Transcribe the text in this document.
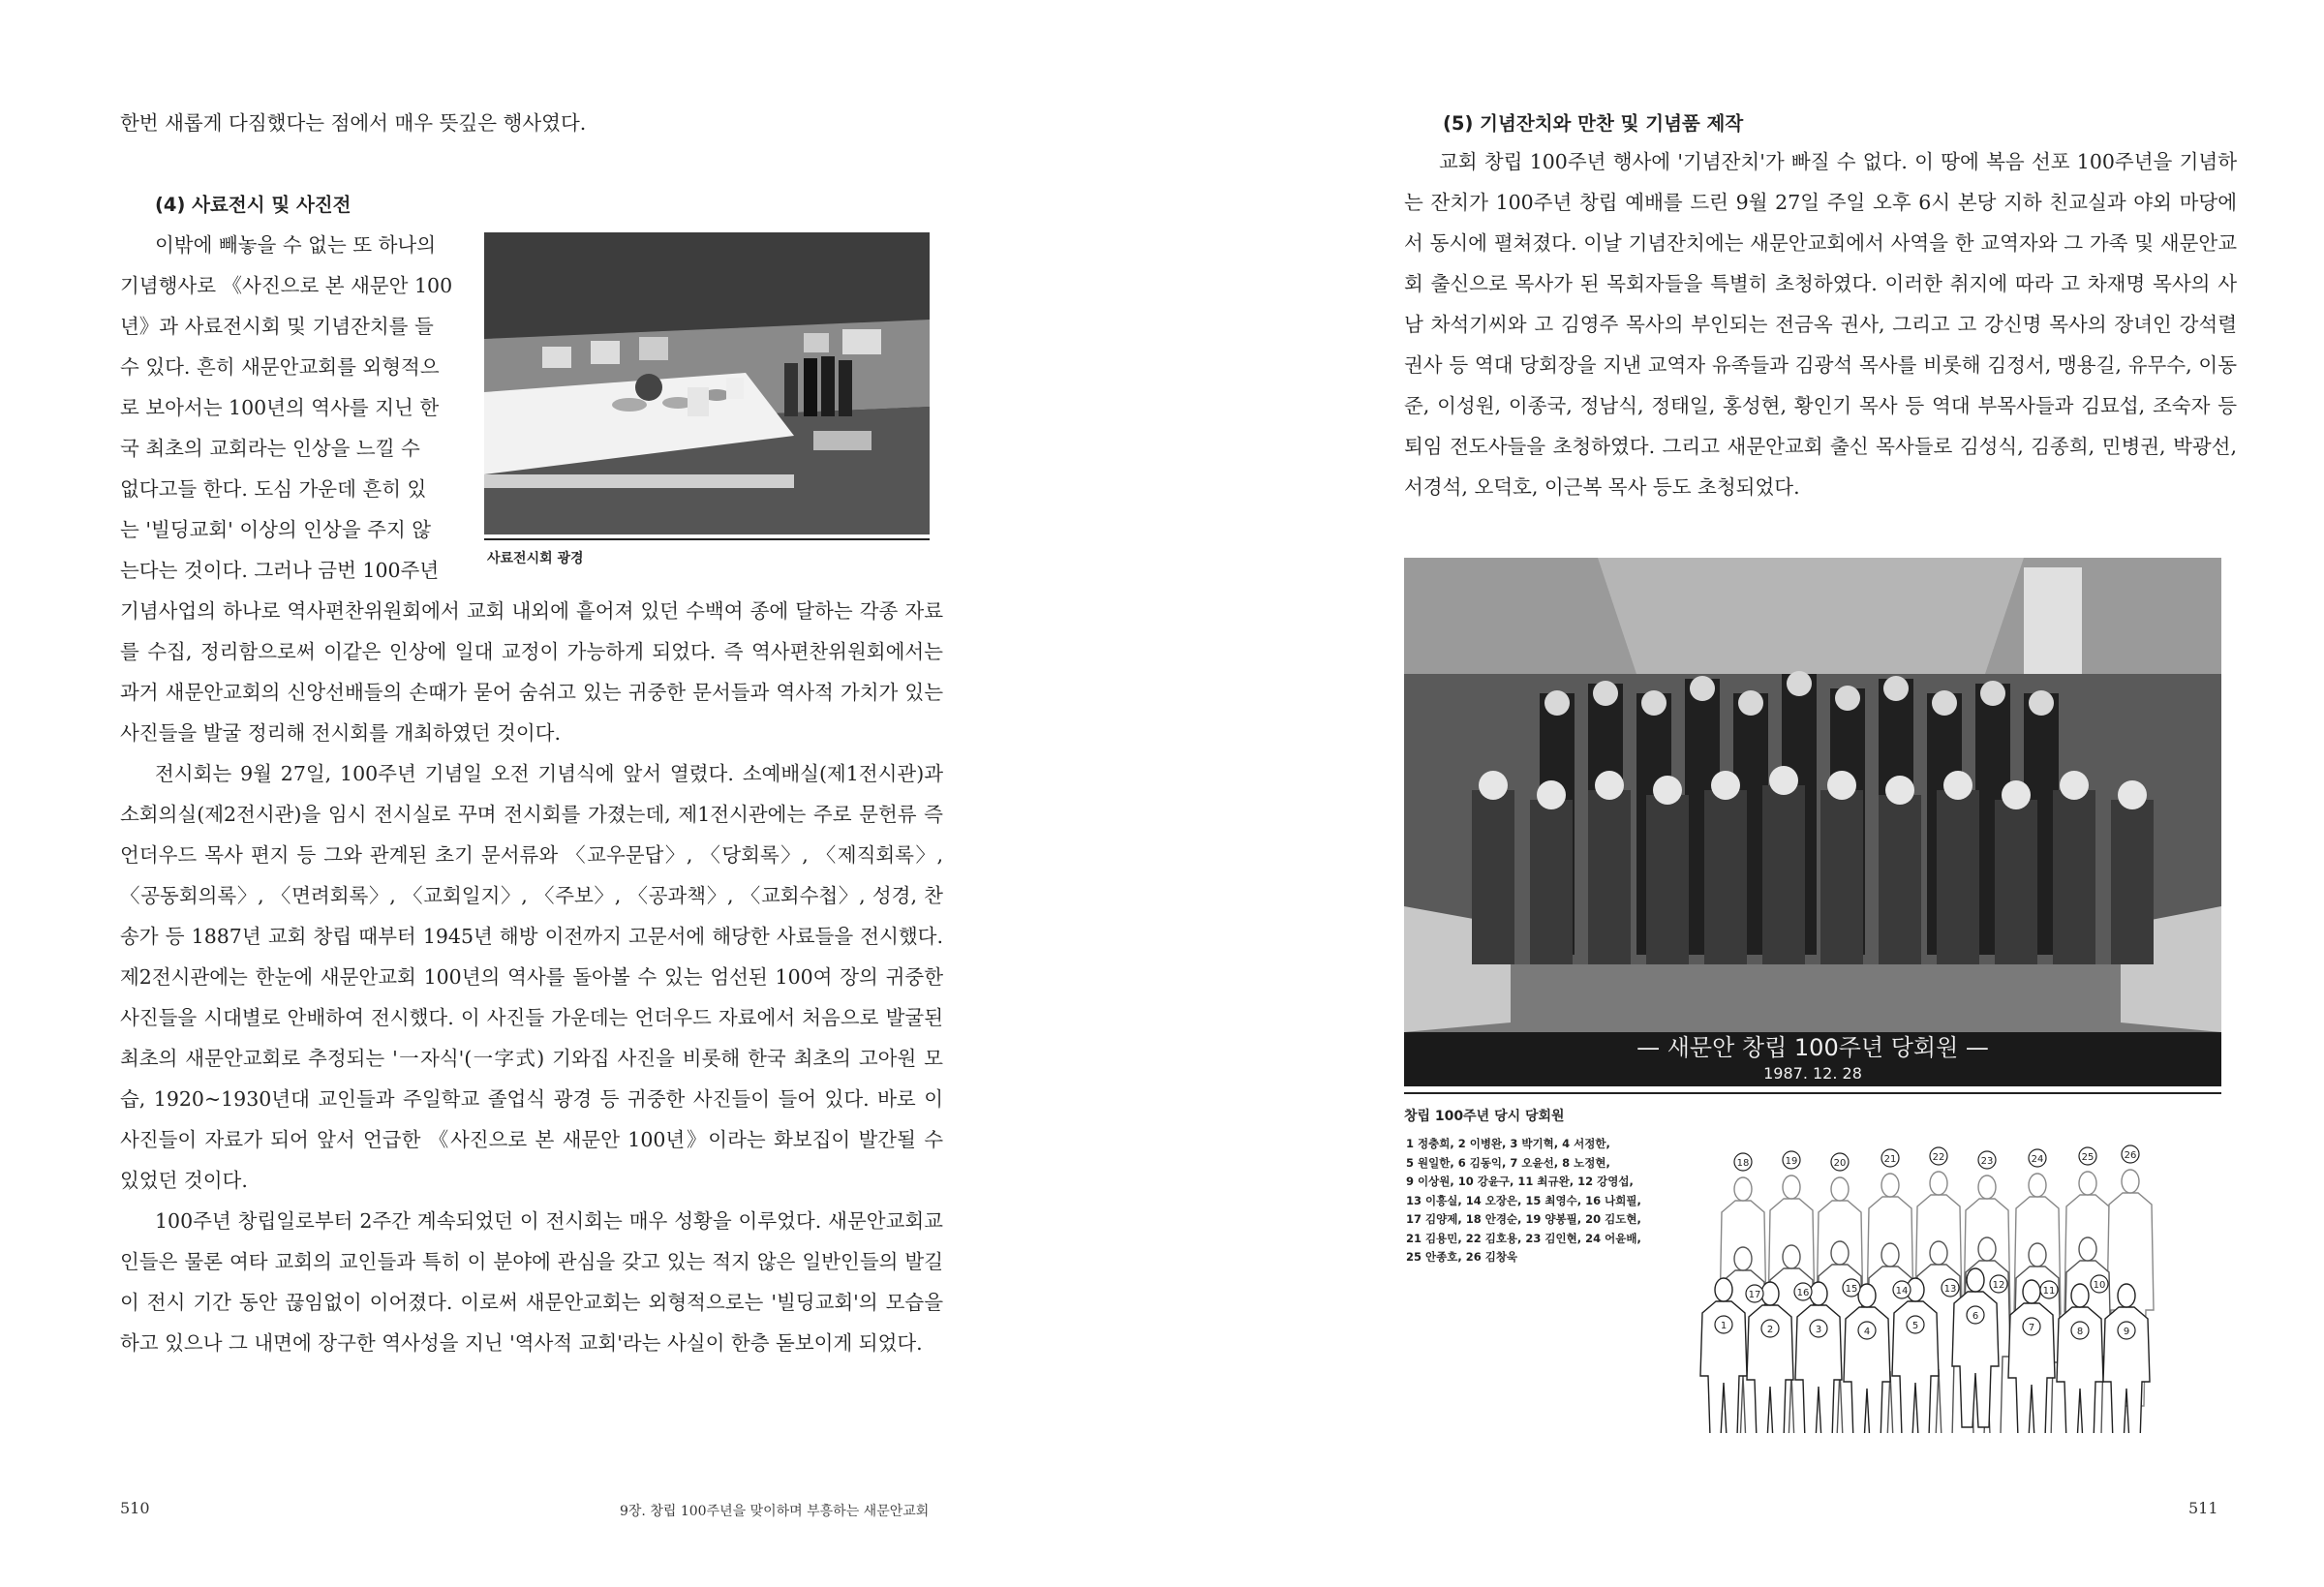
한번 새롭게 다짐했다는 점에서 매우 뜻깊은 행사였다.

(4) 사료전시 및 사진전
이밖에 빼놓을 수 없는 또 하나의
기념행사로 《사진으로 본 새문안 100
년》과 사료전시회 및 기념잔치를 들
수 있다. 흔히 새문안교회를 외형적으
로 보아서는 100년의 역사를 지닌 한
국 최초의 교회라는 인상을 느낄 수
없다고들 한다. 도심 가운데 흔히 있
는 '빌딩교회' 이상의 인상을 주지 않
는다는 것이다. 그러나 금번 100주년	사료전시회 광경

기념사업의 하나로 역사편찬위원회에서 교회 내외에 흩어져 있던 수백여 종에 달하는 각종 자료를 수집, 정리함으로써 이같은 인상에 일대 교정이 가능하게 되었다. 즉 역사편찬위원회에서는 과거 새문안교회의 신앙선배들의 손때가 묻어 숨쉬고 있는 귀중한 문서들과 역사적 가치가 있는 사진들을 발굴 정리해 전시회를 개최하였던 것이다.

전시회는 9월 27일, 100주년 기념일 오전 기념식에 앞서 열렸다. 소예배실(제1전시관)과 소회의실(제2전시관)을 임시 전시실로 꾸며 전시회를 가졌는데, 제1전시관에는 주로 문헌류 즉 언더우드 목사 편지 등 그와 관계된 초기 문서류와 〈교우문답〉, 〈당회록〉, 〈제직회록〉, 〈공동회의록〉, 〈면려회록〉, 〈교회일지〉, 〈주보〉, 〈공과책〉, 〈교회수첩〉, 성경, 찬송가 등 1887년 교회 창립 때부터 1945년 해방 이전까지 고문서에 해당한 사료들을 전시했다. 제2전시관에는 한눈에 새문안교회 100년의 역사를 돌아볼 수 있는 엄선된 100여 장의 귀중한 사진들을 시대별로 안배하여 전시했다. 이 사진들 가운데는 언더우드 자료에서 처음으로 발굴된 최초의 새문안교회로 추정되는 '一자식'(一字式) 기와집 사진을 비롯해 한국 최초의 고아원 모습, 1920~1930년대 교인들과 주일학교 졸업식 광경 등 귀중한 사진들이 들어 있다. 바로 이 사진들이 자료가 되어 앞서 언급한 《사진으로 본 새문안 100년》이라는 화보집이 발간될 수 있었던 것이다.

100주년 창립일로부터 2주간 계속되었던 이 전시회는 매우 성황을 이루었다. 새문안교회교인들은 물론 여타 교회의 교인들과 특히 이 분야에 관심을 갖고 있는 적지 않은 일반인들의 발길이 전시 기간 동안 끊임없이 이어졌다. 이로써 새문안교회는 외형적으로는 '빌딩교회'의 모습을 하고 있으나 그 내면에 장구한 역사성을 지닌 '역사적 교회'라는 사실이 한층 돋보이게 되었다.

510	9장. 창립 100주년을 맞이하며 부흥하는 새문안교회
(5) 기념잔치와 만찬 및 기념품 제작

교회 창립 100주년 행사에 '기념잔치'가 빠질 수 없다. 이 땅에 복음 선포 100주년을 기념하는 잔치가 100주년 창립 예배를 드린 9월 27일 주일 오후 6시 본당 지하 친교실과 야외 마당에서 동시에 펼쳐졌다. 이날 기념잔치에는 새문안교회에서 사역을 한 교역자와 그 가족 및 새문안교회 출신으로 목사가 된 목회자들을 특별히 초청하였다. 이러한 취지에 따라 고 차재명 목사의 사남 차석기씨와 고 김영주 목사의 부인되는 전금옥 권사, 그리고 고 강신명 목사의 장녀인 강석렬 권사 등 역대 당회장을 지낸 교역자 유족들과 김광석 목사를 비롯해 김정서, 맹용길, 유무수, 이동준, 이성원, 이종국, 정남식, 정태일, 홍성현, 황인기 목사 등 역대 부목사들과 김묘섭, 조숙자 등 퇴임 전도사들을 초청하였다. 그리고 새문안교회 출신 목사들로 김성식, 김종희, 민병권, 박광선, 서경석, 오덕호, 이근복 목사 등도 초청되었다.

— 새문안 창립 100주년 당회원 —
1987. 12. 28
창립 100주년 당시 당회원
1 정충희, 2 이병완, 3 박기혁, 4 서정한,
5 원일한, 6 김동익, 7 오윤선, 8 노정현,
9 이상원, 10 강윤구, 11 최규완, 12 강영섭,
13 이흥실, 14 오장은, 15 최영수, 16 나희필,
17 김양제, 18 안경순, 19 양봉필, 20 김도현,
21 김용민, 22 김호용, 23 김인현, 24 어윤배,
25 안종호, 26 김창욱
18	19	20	21	22	23	24	25	26
17	16	15	14	13	12
11
10
1	2	3	4
5
6
7	8	9
511
